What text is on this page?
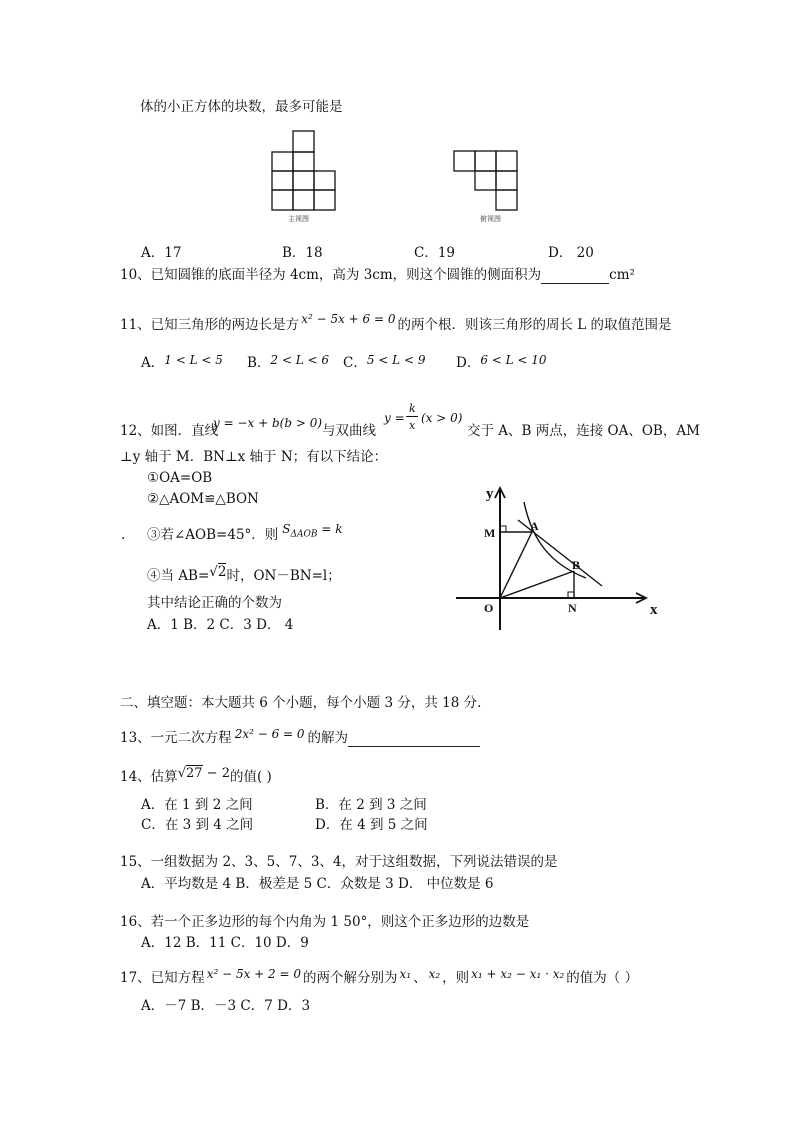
体的小正方体的块数，最多可能是
主视图	俯视图
A．17	B．18	C．19	D． 20
10、已知圆锥的底面半径为 4cm，高为 3cm，则这个圆锥的侧面积为	cm²
11、已知三角形的两边长是方 x² − 5x + 6 = 0 的两个根．则该三角形的周长 L 的取值范围是
A．1 < L < 5 B．2 < L < 6 C．5 < L < 9 D．6 < L < 10
12、如图．直线
y = −x + b(b > 0) 与双曲线
y =
k
x
(x > 0)
交于 A、B 两点，连接 OA、OB，AM
⊥y 轴于 M．BN⊥x 轴于 N；有以下结论：
①OA=OB
②△AOM≌△BON
. ③若∠AOB=45°．则 $S_{\Delta AOB} = k$
④当 AB=√2时，ON－BN=l；
其中结论正确的个数为
A．1 B．2 C．3 D． 4
y
x
O
M	A
B
N
二、填空题：本大题共 6 个小题，每个小题 3 分，共 18 分.
13、一元二次方程 2x² − 6 = 0 的解为
14、估算√27 − 2的值( )
A．在 1 到 2 之间	B．在 2 到 3 之间
C．在 3 到 4 之间	D．在 4 到 5 之间
15、一组数据为 2、3、5、7、3、4，对于这组数据，下列说法错误的是
A．平均数是 4 B．极差是 5 C．众数是 3 D． 中位数是 6
16、若一个正多边形的每个内角为 1 50°，则这个正多边形的边数是
A．12 B．11 C．10 D．9
17、已知方程 x² − 5x + 2 = 0 的两个解分别为 x₁ 、 x₂ ，则 x₁ + x₂ − x₁ · x₂ 的值为（ ）
A．－7 B．－3 C．7 D．3
